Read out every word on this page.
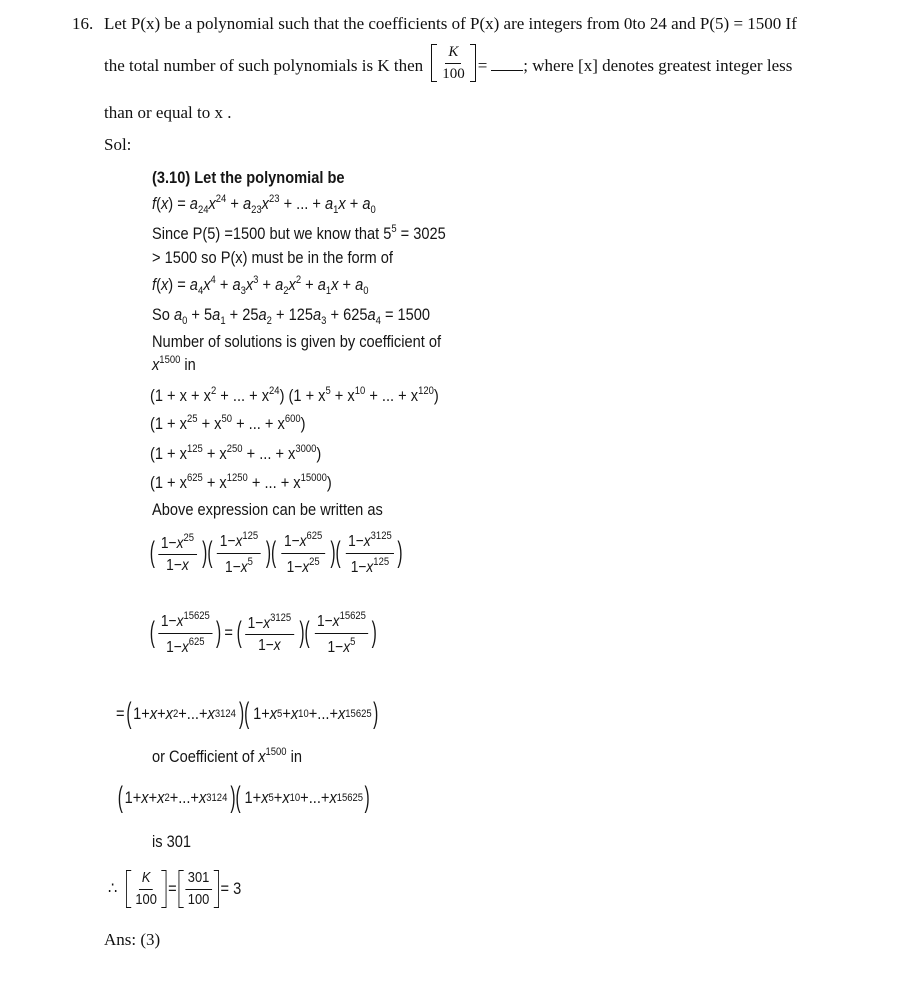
16. Let P(x) be a polynomial such that the coefficients of P(x) are integers from 0to 24 and P(5) = 1500 If
the total number of such polynomials is K then $\frac{K}{100}$ = ; where [x] denotes greatest integer less
than or equal to x .
Sol:
(3.10) Let the polynomial be
$f(x) = a_{24}x^{24} + a_{23}x^{23}$ + ... + $a_1x + a_0$
Since P(5) =1500 but we know that $5^5 = 3025$
> 1500 so P(x) must be in the form of
$f(x) = a_4x^4 + a_3x^3 + a_2x^2 + a_1x + a_0$
So $a_0 + 5a_1 + 25a_2 + 125a_3 + 625a_4 = 1500$
Number of solutions is given by coefficient of
$x^{1500}$ in
($1 + x + x^2$ + ... + $x^{24}$) ($1 + x^5 + x^{10}$ + ... + $x^{120}$)
($1 + x^{25} + x^{50}$ + ... + $x^{600}$)
($1 + x^{125} + x^{250}$ + ... + $x^{3000}$)
($1 + x^{625} + x^{1250}$ + ... + $x^{15000}$)
Above expression can be written as
( $\frac{1-x^{25}}{1-x}$ )( $\frac{1-x^{125}}{1-x^5}$ )( $\frac{1-x^{625}}{1-x^{25}}$ )( $\frac{1-x^{3125}}{1-x^{125}}$ )
( $\frac{1-x^{15625}}{1-x^{625}}$ ) = ( $\frac{1-x^{3125}}{1-x}$ )( $\frac{1-x^{15625}}{1-x^5}$ )
= ( 1+ x + x 2 +...+ x 3124 )( 1+ x 5 + x 10 +...+ x 15625 )
or Coefficient of $x^{1500}$ in
( 1+ x + x 2 +...+ x 3124 )( 1+ x 5 + x 10 +...+ x 15625 )
is 301
∴ $\frac{K}{100} = \frac{301}{100} = 3$
Ans: (3)
